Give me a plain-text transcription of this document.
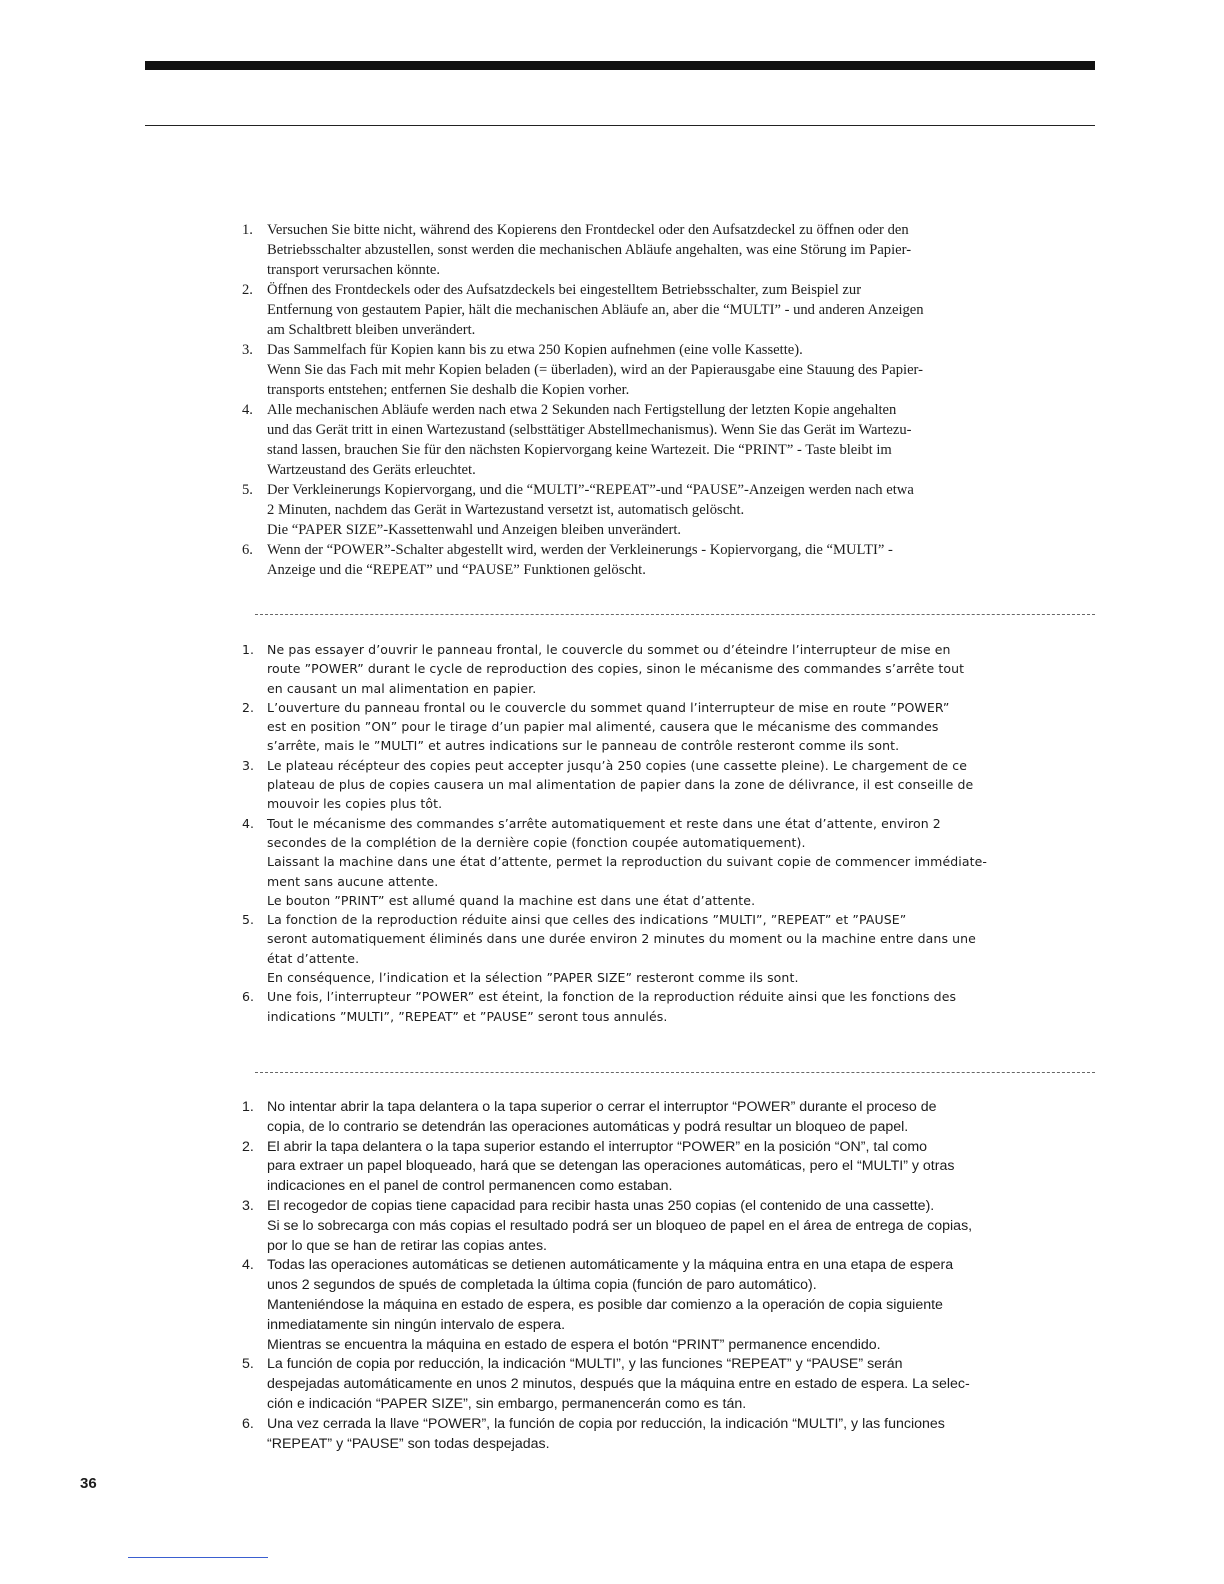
1. Versuchen Sie bitte nicht, während des Kopierens den Frontdeckel oder den Aufsatzdeckel zu öffnen oder den
Betriebsschalter abzustellen, sonst werden die mechanischen Abläufe angehalten, was eine Störung im Papier-
transport verursachen könnte.
2. Öffnen des Frontdeckels oder des Aufsatzdeckels bei eingestelltem Betriebsschalter, zum Beispiel zur
Entfernung von gestautem Papier, hält die mechanischen Abläufe an, aber die “MULTI” - und anderen Anzeigen
am Schaltbrett bleiben unverändert.
3. Das Sammelfach für Kopien kann bis zu etwa 250 Kopien aufnehmen (eine volle Kassette).
Wenn Sie das Fach mit mehr Kopien beladen (= überladen), wird an der Papierausgabe eine Stauung des Papier-
transports entstehen; entfernen Sie deshalb die Kopien vorher.
4. Alle mechanischen Abläufe werden nach etwa 2 Sekunden nach Fertigstellung der letzten Kopie angehalten
und das Gerät tritt in einen Wartezustand (selbsttätiger Abstellmechanismus). Wenn Sie das Gerät im Wartezu-
stand lassen, brauchen Sie für den nächsten Kopiervorgang keine Wartezeit. Die “PRINT” - Taste bleibt im
Wartzeustand des Geräts erleuchtet.
5. Der Verkleinerungs Kopiervorgang, und die “MULTI”-“REPEAT”-und “PAUSE”-Anzeigen werden nach etwa
2 Minuten, nachdem das Gerät in Wartezustand versetzt ist, automatisch gelöscht.
Die “PAPER SIZE”-Kassettenwahl und Anzeigen bleiben unverändert.
6. Wenn der “POWER”-Schalter abgestellt wird, werden der Verkleinerungs - Kopiervorgang, die “MULTI” -
Anzeige und die “REPEAT” und “PAUSE” Funktionen gelöscht.
1. Ne pas essayer d’ouvrir le panneau frontal, le couvercle du sommet ou d’éteindre l’interrupteur de mise en
route ”POWER” durant le cycle de reproduction des copies, sinon le mécanisme des commandes s’arrête tout
en causant un mal alimentation en papier.
2. L’ouverture du panneau frontal ou le couvercle du sommet quand l’interrupteur de mise en route ”POWER”
est en position ”ON” pour le tirage d’un papier mal alimenté, causera que le mécanisme des commandes
s’arrête, mais le ”MULTI” et autres indications sur le panneau de contrôle resteront comme ils sont.
3. Le plateau récépteur des copies peut accepter jusqu’à 250 copies (une cassette pleine). Le chargement de ce
plateau de plus de copies causera un mal alimentation de papier dans la zone de délivrance, il est conseille de
mouvoir les copies plus tôt.
4. Tout le mécanisme des commandes s’arrête automatiquement et reste dans une état d’attente, environ 2
secondes de la complétion de la dernière copie (fonction coupée automatiquement).
Laissant la machine dans une état d’attente, permet la reproduction du suivant copie de commencer immédiate-
ment sans aucune attente.
Le bouton ”PRINT” est allumé quand la machine est dans une état d’attente.
5. La fonction de la reproduction réduite ainsi que celles des indications ”MULTI”, ”REPEAT” et ”PAUSE”
seront automatiquement éliminés dans une durée environ 2 minutes du moment ou la machine entre dans une
état d’attente.
En conséquence, l’indication et la sélection ”PAPER SIZE” resteront comme ils sont.
6. Une fois, l’interrupteur ”POWER” est éteint, la fonction de la reproduction réduite ainsi que les fonctions des
indications ”MULTI”, ”REPEAT” et ”PAUSE” seront tous annulés.
1. No intentar abrir la tapa delantera o la tapa superior o cerrar el interruptor “POWER” durante el proceso de
copia, de lo contrario se detendrán las operaciones automáticas y podrá resultar un bloqueo de papel.
2. El abrir la tapa delantera o la tapa superior estando el interruptor “POWER” en la posición “ON”, tal como
para extraer un papel bloqueado, hará que se detengan las operaciones automáticas, pero el “MULTI” y otras
indicaciones en el panel de control permanencen como estaban.
3. El recogedor de copias tiene capacidad para recibir hasta unas 250 copias (el contenido de una cassette).
Si se lo sobrecarga con más copias el resultado podrá ser un bloqueo de papel en el área de entrega de copias,
por lo que se han de retirar las copias antes.
4. Todas las operaciones automáticas se detienen automáticamente y la máquina entra en una etapa de espera
unos 2 segundos de spués de completada la última copia (función de paro automático).
Manteniéndose la máquina en estado de espera, es posible dar comienzo a la operación de copia siguiente
inmediatamente sin ningún intervalo de espera.
Mientras se encuentra la máquina en estado de espera el botón “PRINT” permanence encendido.
5. La función de copia por reducción, la indicación “MULTI”, y las funciones “REPEAT” y “PAUSE” serán
despejadas automáticamente en unos 2 minutos, después que la máquina entre en estado de espera. La selec-
ción e indicación “PAPER SIZE”, sin embargo, permanencerán como es tán.
6. Una vez cerrada la llave “POWER”, la función de copia por reducción, la indicación “MULTI”, y las funciones
“REPEAT” y “PAUSE” son todas despejadas.
36
